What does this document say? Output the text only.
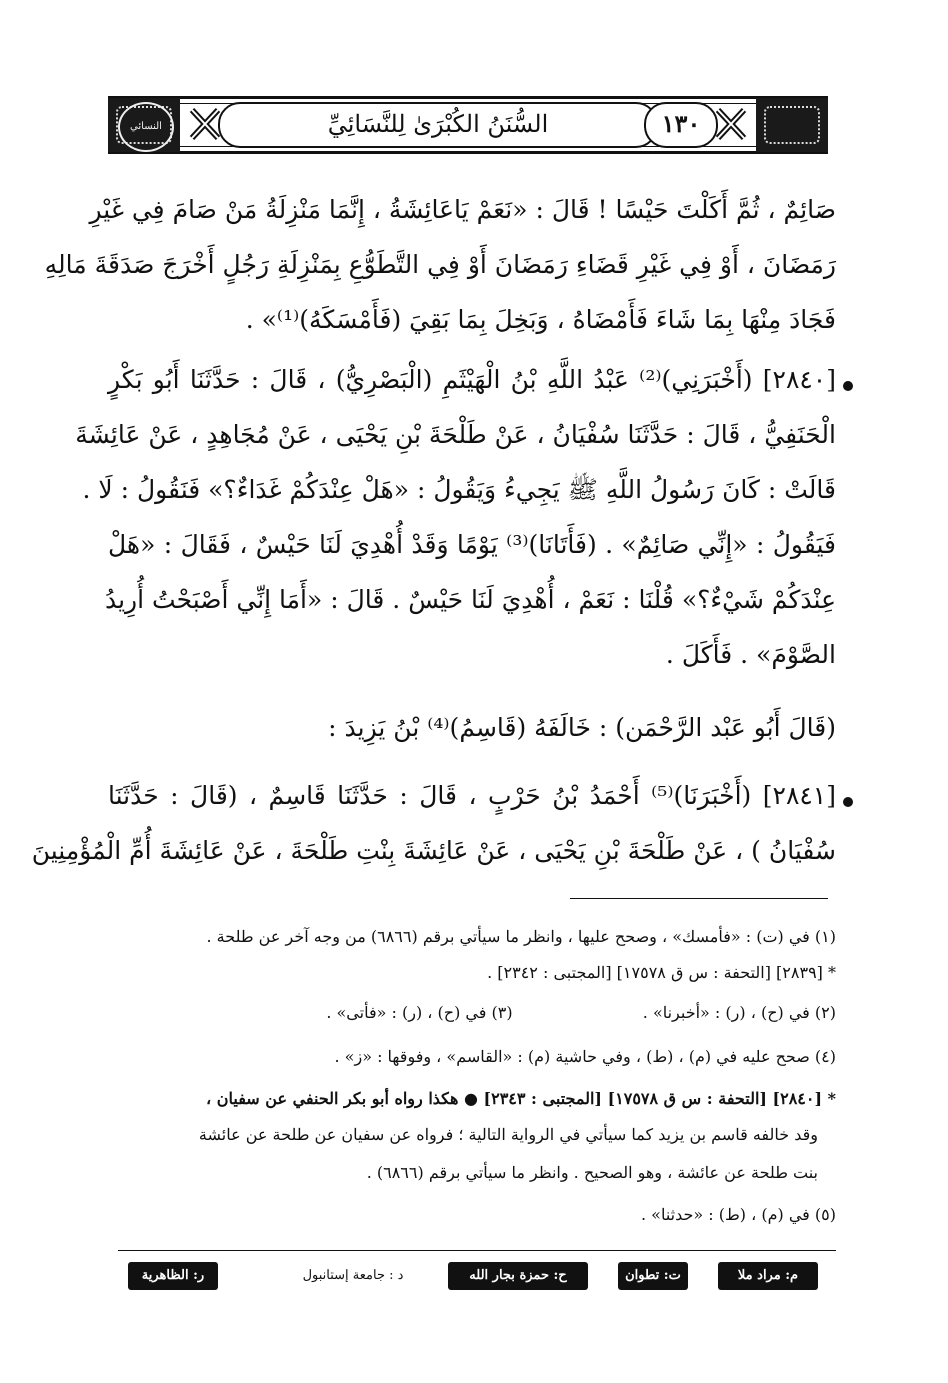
النسائي	السُّنَنُ الكُبْرَىٰ لِلنَّسَائِيِّ	١٣٠
صَائِمٌ ، ثُمَّ أَكَلْتَ حَيْسًا ! قَالَ : «نَعَمْ يَاعَائِشَةُ ، إِنَّمَا مَنْزِلَةُ مَنْ صَامَ فِي غَيْرِ
رَمَضَانَ ، أَوْ فِي غَيْرِ قَضَاءِ رَمَضَانَ أَوْ فِي التَّطَوُّعِ بِمَنْزِلَةِ رَجُلٍ أَخْرَجَ صَدَقَةَ مَالِهِ
فَجَادَ مِنْهَا بِمَا شَاءَ فَأَمْضَاهُ ، وَبَخِلَ بِمَا بَقِيَ (فَأَمْسَكَهُ)⁽¹⁾» .
[٢٨٤٠] (أَخْبَرَنِي)⁽²⁾ عَبْدُ اللَّهِ بْنُ الْهَيْثَمِ (الْبَصْرِيُّ) ، قَالَ : حَدَّثَنَا أَبُو بَكْرٍ
الْحَنَفِيُّ ، قَالَ : حَدَّثَنَا سُفْيَانُ ، عَنْ طَلْحَةَ بْنِ يَحْيَى ، عَنْ مُجَاهِدٍ ، عَنْ عَائِشَةَ
قَالَتْ : كَانَ رَسُولُ اللَّهِ ﷺ يَجِيءُ وَيَقُولُ : «هَلْ عِنْدَكُمْ غَدَاءٌ؟» فَنَقُولُ : لَا .
فَيَقُولُ : «إِنِّي صَائِمٌ» . (فَأَتَانَا)⁽³⁾ يَوْمًا وَقَدْ أُهْدِيَ لَنَا حَيْسٌ ، فَقَالَ : «هَلْ
عِنْدَكُمْ شَيْءٌ؟» قُلْنَا : نَعَمْ ، أُهْدِيَ لَنَا حَيْسٌ . قَالَ : «أَمَا إِنِّي أَصْبَحْتُ أُرِيدُ
الصَّوْمَ» . فَأَكَلَ .
(قَالَ أَبُو عَبْد الرَّحْمَن) : خَالَفَهُ (قَاسِمُ)⁽⁴⁾ بْنُ يَزِيدَ :
[٢٨٤١] (أَخْبَرَنَا)⁽⁵⁾ أَحْمَدُ بْنُ حَرْبٍ ، قَالَ : حَدَّثَنَا قَاسِمٌ ، (قَالَ : حَدَّثَنَا
سُفْيَانُ ) ، عَنْ طَلْحَةَ بْنِ يَحْيَى ، عَنْ عَائِشَةَ بِنْتِ طَلْحَةَ ، عَنْ عَائِشَةَ أُمِّ الْمُؤْمِنِينَ
(١) في (ت) : «فأمسك» ، وصحح عليها ، وانظر ما سيأتي برقم (٦٨٦٦) من وجه آخر عن طلحة .
* [٢٨٣٩] [التحفة : س ق ١٧٥٧٨] [المجتبى : ٢٣٤٢] .
(٢) في (ح) ، (ر) : «أخبرنا» .  (٣) في (ح) ، (ر) : «فأتى» .
(٤) صحح عليه في (م) ، (ط) ، وفي حاشية (م) : «القاسم» ، وفوقها : «ز» .
* [٢٨٤٠] [التحفة : س ق ١٧٥٧٨] [المجتبى : ٢٣٤٣] ● هكذا رواه أبو بكر الحنفي عن سفيان ،
وقد خالفه قاسم بن يزيد كما سيأتي في الرواية التالية ؛ فرواه عن سفيان عن طلحة عن عائشة
بنت طلحة عن عائشة ، وهو الصحيح . وانظر ما سيأتي برقم (٦٨٦٦) .
(٥) في (م) ، (ط) : «حدثنا» .
م: مراد ملا
ت: تطوان
ح: حمزة بجار الله
د : جامعة إستانبول
ر: الظاهرية
